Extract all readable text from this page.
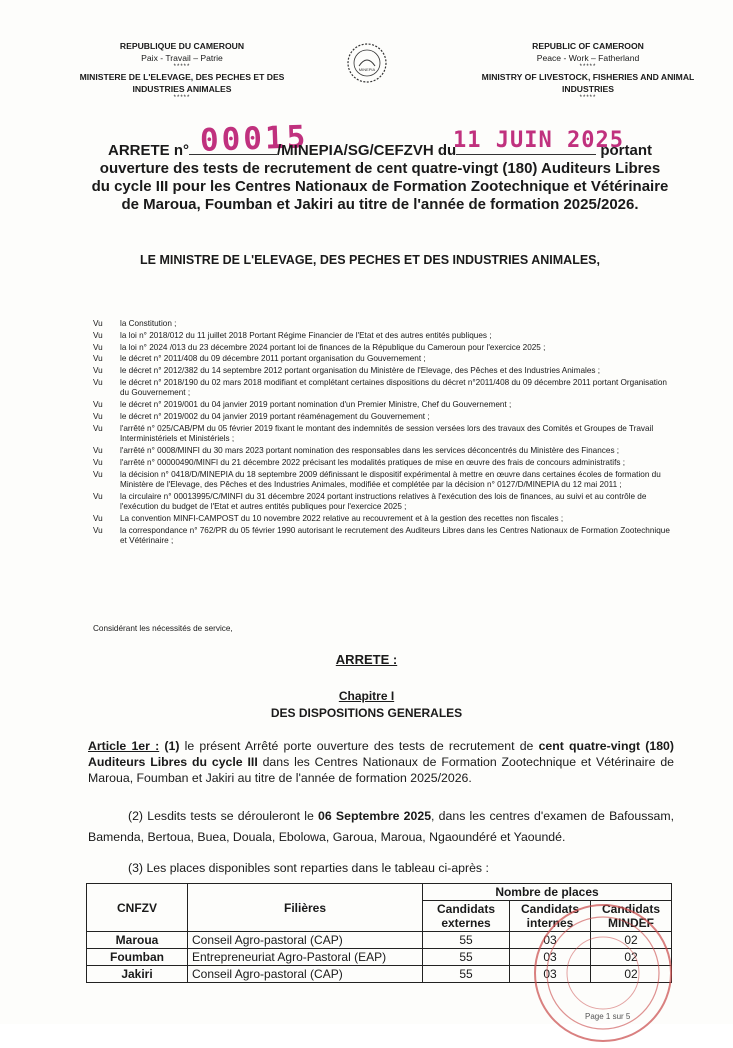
REPUBLIQUE DU CAMEROUN
Paix - Travail – Patrie
*****
MINISTERE DE L'ELEVAGE, DES PECHES ET DES INDUSTRIES ANIMALES
*****
MINEPIA
REPUBLIC OF CAMEROON
Peace - Work – Fatherland
*****
MINISTRY OF LIVESTOCK, FISHERIES AND ANIMAL INDUSTRIES
*****
00015	11 JUIN 2025
ARRETE n°	/MINEPIA/SG/CEFZVH du	portant
ouverture des tests de recrutement de cent quatre-vingt (180) Auditeurs Libres du cycle III pour les Centres Nationaux de Formation Zootechnique et Vétérinaire de Maroua, Foumban et Jakiri au titre de l'année de formation 2025/2026.
LE MINISTRE DE L'ELEVAGE, DES PECHES ET DES INDUSTRIES ANIMALES,
Vu	la Constitution ;
Vu	la loi n° 2018/012 du 11 juillet 2018 Portant Régime Financier de l'Etat et des autres entités publiques ;
Vu	la loi n° 2024 /013 du 23 décembre 2024 portant loi de finances de la République du Cameroun pour l'exercice 2025 ;
Vu	le décret n° 2011/408 du 09 décembre 2011 portant organisation du Gouvernement ;
Vu	le décret n° 2012/382 du 14 septembre 2012 portant organisation du Ministère de l'Elevage, des Pêches et des Industries Animales ;
Vu	le décret n° 2018/190 du 02 mars 2018 modifiant et complétant certaines dispositions du décret n°2011/408 du 09 décembre 2011 portant Organisation du Gouvernement ;
Vu	le décret n° 2019/001 du 04 janvier 2019 portant nomination d'un Premier Ministre, Chef du Gouvernement ;
Vu	le décret n° 2019/002 du 04 janvier 2019 portant réaménagement du Gouvernement ;
Vu	l'arrêté n° 025/CAB/PM du 05 février 2019 fixant le montant des indemnités de session versées lors des travaux des Comités et Groupes de Travail Interministériels et Ministériels ;
Vu	l'arrêté n° 0008/MINFI du 30 mars 2023 portant nomination des responsables dans les services déconcentrés du Ministère des Finances ;
Vu	l'arrêté n° 00000490/MINFI du 21 décembre 2022 précisant les modalités pratiques de mise en œuvre des frais de concours administratifs ;
Vu	la décision n° 0418/D/MINEPIA du 18 septembre 2009 définissant le dispositif expérimental à mettre en œuvre dans certaines écoles de formation du Ministère de l'Elevage, des Pêches et des Industries Animales, modifiée et complétée par la décision n° 0127/D/MINEPIA du 12 mai 2011 ;
Vu	la circulaire n° 00013995/C/MINFI du 31 décembre 2024 portant instructions relatives à l'exécution des lois de finances, au suivi et au contrôle de l'exécution du budget de l'Etat et autres entités publiques pour l'exercice 2025 ;
Vu	La convention MINFI-CAMPOST du 10 novembre 2022 relative au recouvrement et à la gestion des recettes non fiscales ;
Vu	la correspondance n° 762/PR du 05 février 1990 autorisant le recrutement des Auditeurs Libres dans les Centres Nationaux de Formation Zootechnique et Vétérinaire ;
Considérant les nécessités de service,
ARRETE :
Chapitre I
DES DISPOSITIONS GENERALES
Article 1er : (1) le présent Arrêté porte ouverture des tests de recrutement de cent quatre-vingt (180) Auditeurs Libres du cycle III dans les Centres Nationaux de Formation Zootechnique et Vétérinaire de Maroua, Foumban et Jakiri au titre de l'année de formation 2025/2026.
(2) Lesdits tests se dérouleront le 06 Septembre 2025, dans les centres d'examen de Bafoussam, Bamenda, Bertoua, Buea, Douala, Ebolowa, Garoua, Maroua, Ngaoundéré et Yaoundé.
(3) Les places disponibles sont reparties dans le tableau ci-après :
CNFZV	Filières	Nombre de places		
		Candidats externes	Candidats internes	Candidats MINDEF
Maroua	Conseil Agro-pastoral (CAP)	55	03	02
Foumban	Entrepreneuriat Agro-Pastoral (EAP)	55	03	02
Jakiri	Conseil Agro-pastoral (CAP)	55	03	02
Page 1 sur 5
